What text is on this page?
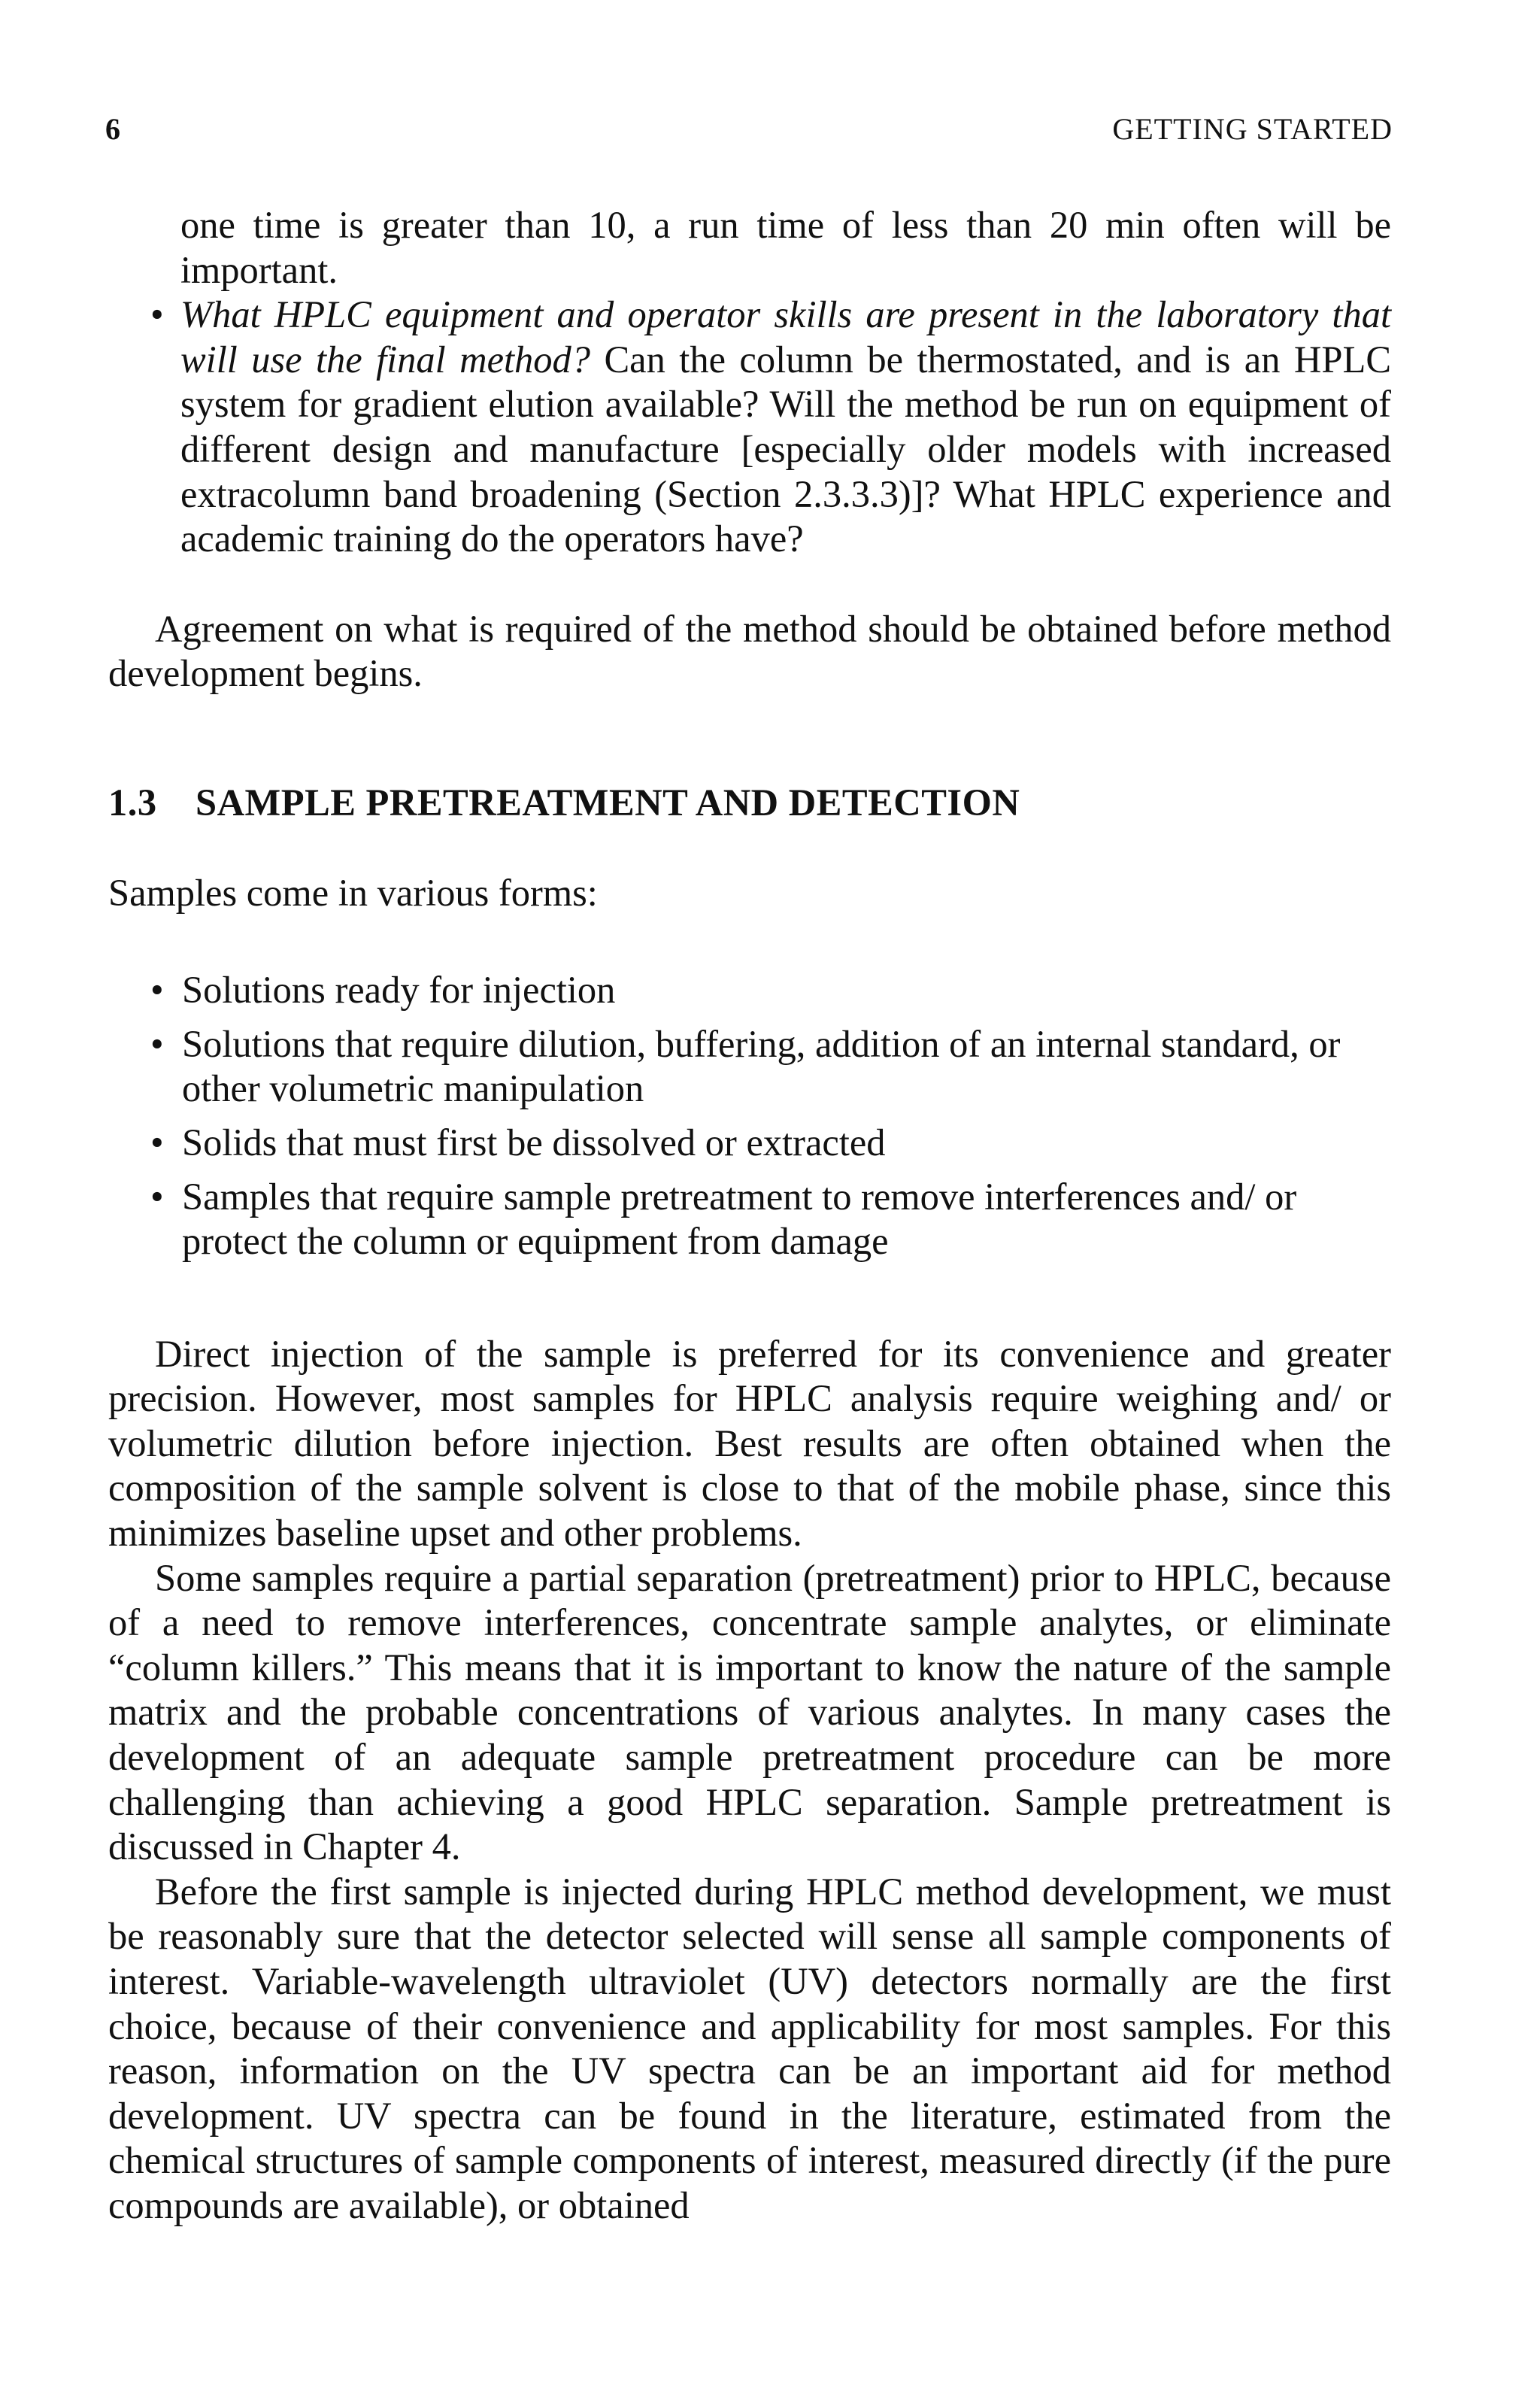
6	GETTING STARTED

one time is greater than 10, a run time of less than 20 min often will be important.

• What HPLC equipment and operator skills are present in the laboratory that will use the final method? Can the column be thermostated, and is an HPLC system for gradient elution available? Will the method be run on equipment of different design and manufacture [especially older models with increased extracolumn band broadening (Section 2.3.3.3)]? What HPLC experience and academic training do the operators have?

Agreement on what is required of the method should be obtained before method development begins.

1.3 SAMPLE PRETREATMENT AND DETECTION

Samples come in various forms:

• Solutions ready for injection
• Solutions that require dilution, buffering, addition of an internal standard, or other volumetric manipulation
• Solids that must first be dissolved or extracted
• Samples that require sample pretreatment to remove interferences and/ or protect the column or equipment from damage

Direct injection of the sample is preferred for its convenience and greater precision. However, most samples for HPLC analysis require weighing and/ or volumetric dilution before injection. Best results are often obtained when the composition of the sample solvent is close to that of the mobile phase, since this minimizes baseline upset and other problems.

Some samples require a partial separation (pretreatment) prior to HPLC, because of a need to remove interferences, concentrate sample analytes, or eliminate “column killers.” This means that it is important to know the nature of the sample matrix and the probable concentrations of various analytes. In many cases the development of an adequate sample pretreatment procedure can be more challenging than achieving a good HPLC separation. Sample pretreatment is discussed in Chapter 4.

Before the first sample is injected during HPLC method development, we must be reasonably sure that the detector selected will sense all sample components of interest. Variable-wavelength ultraviolet (UV) detectors normally are the first choice, because of their convenience and applicability for most samples. For this reason, information on the UV spectra can be an important aid for method development. UV spectra can be found in the literature, estimated from the chemical structures of sample components of interest, measured directly (if the pure compounds are available), or obtained
